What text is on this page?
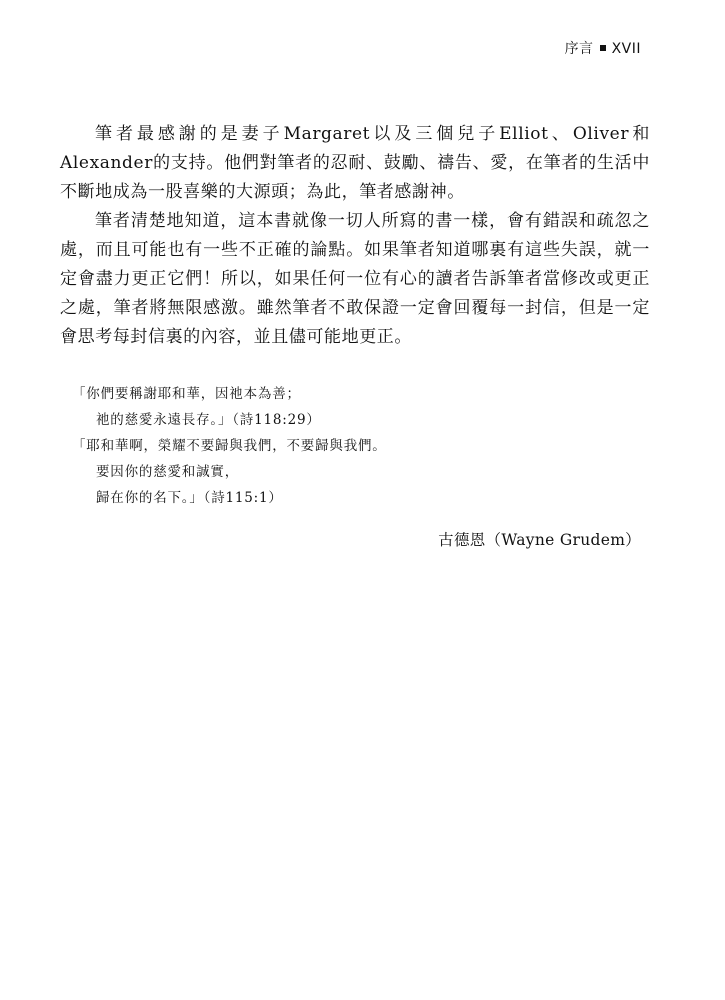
序言 XVII

筆者最感謝的是妻子Margaret以及三個兒子Elliot、Oliver和Alexander的支持。他們對筆者的忍耐、鼓勵、禱告、愛，在筆者的生活中不斷地成為一股喜樂的大源頭；為此，筆者感謝神。

筆者清楚地知道，這本書就像一切人所寫的書一樣，會有錯誤和疏忽之處，而且可能也有一些不正確的論點。如果筆者知道哪裏有這些失誤，就一定會盡力更正它們！所以，如果任何一位有心的讀者告訴筆者當修改或更正之處，筆者將無限感激。雖然筆者不敢保證一定會回覆每一封信，但是一定會思考每封信裏的內容，並且儘可能地更正。

「你們要稱謝耶和華，因祂本為善；
祂的慈愛永遠長存。」（詩118:29）
「耶和華啊，榮耀不要歸與我們，不要歸與我們。
要因你的慈愛和誠實，
歸在你的名下。」（詩115:1）
古德恩（Wayne Grudem）
